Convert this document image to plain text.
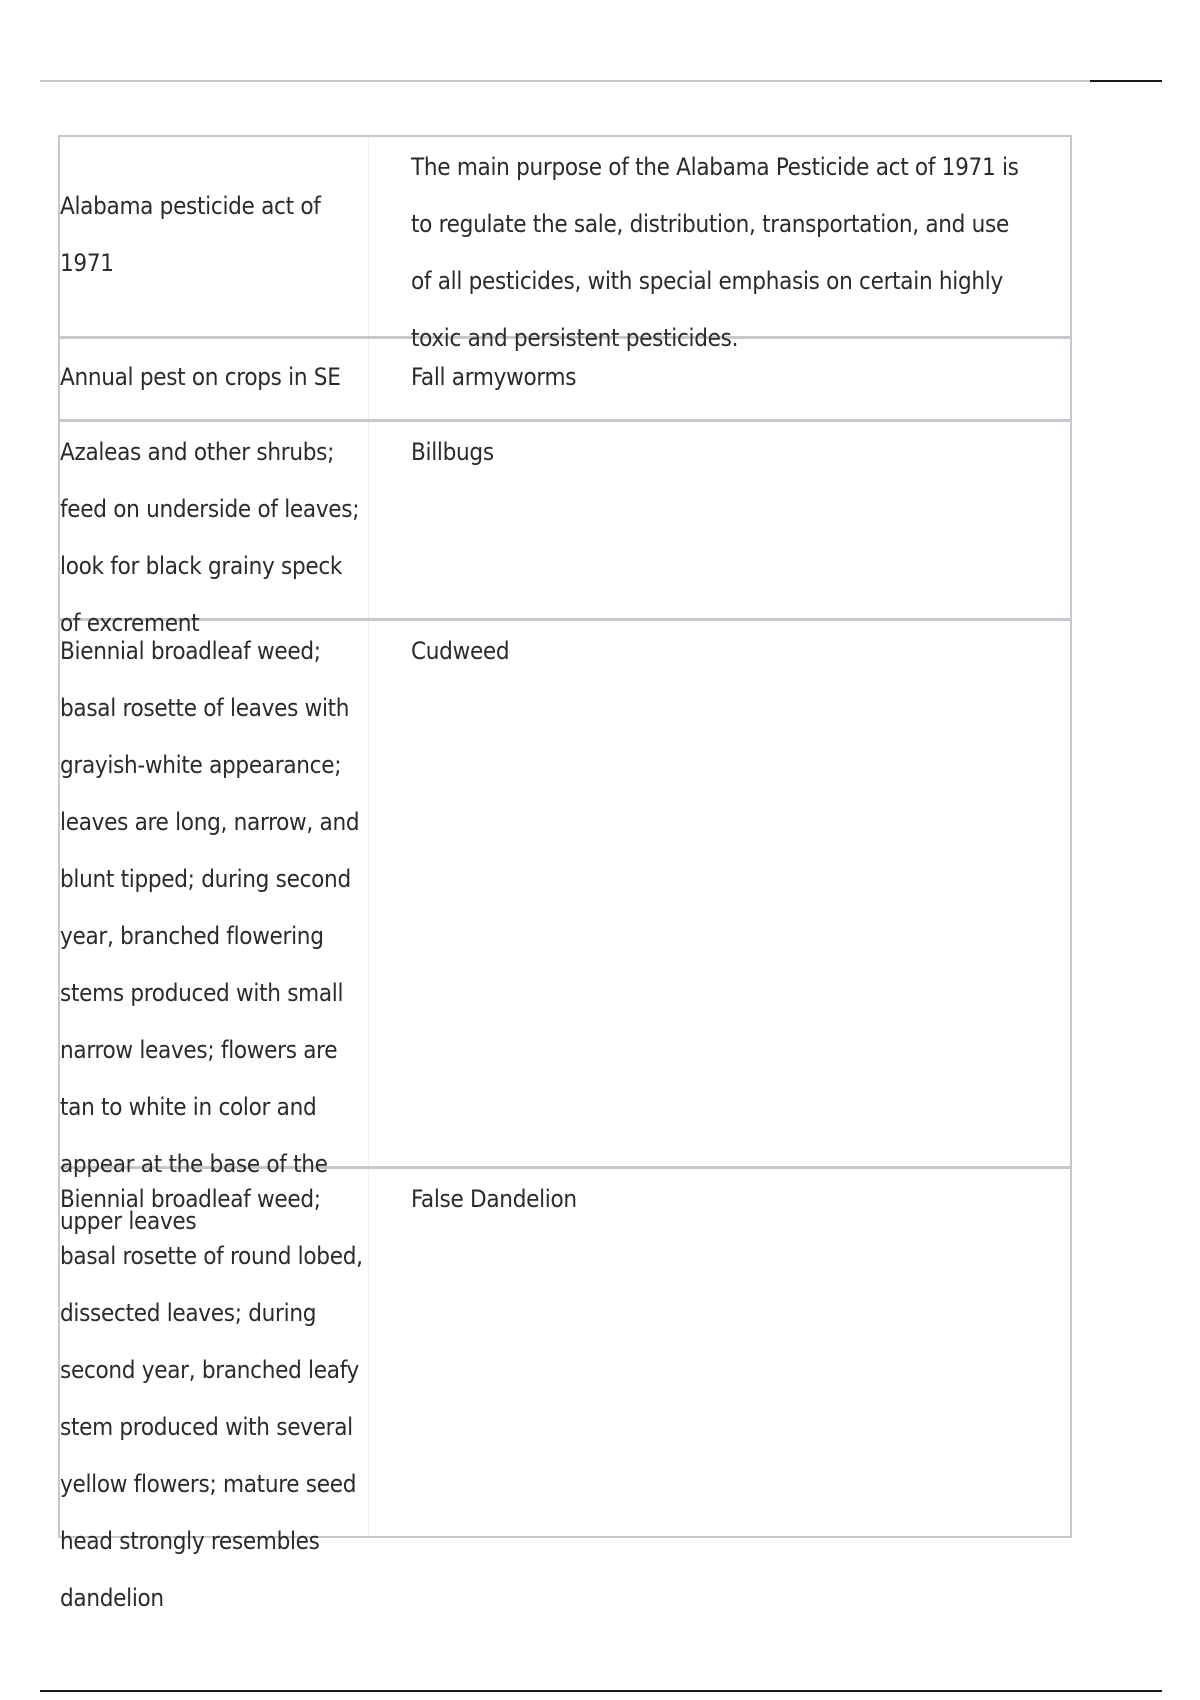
Alabama pesticide act of 1971
The main purpose of the Alabama Pesticide act of 1971 is to regulate the sale, distribution, transportation, and use of all pesticides, with special emphasis on certain highly toxic and persistent pesticides.
Annual pest on crops in SE	Fall armyworms
Azaleas and other shrubs; feed on underside of leaves; look for black grainy speck of excrement
Billbugs
Biennial broadleaf weed; basal rosette of leaves with grayish-white appearance; leaves are long, narrow, and blunt tipped; during second year, branched flowering stems produced with small narrow leaves; flowers are tan to white in color and appear at the base of the upper leaves
Cudweed
Biennial broadleaf weed; basal rosette of round lobed, dissected leaves; during second year, branched leafy stem produced with several yellow flowers; mature seed head strongly resembles dandelion
False Dandelion
